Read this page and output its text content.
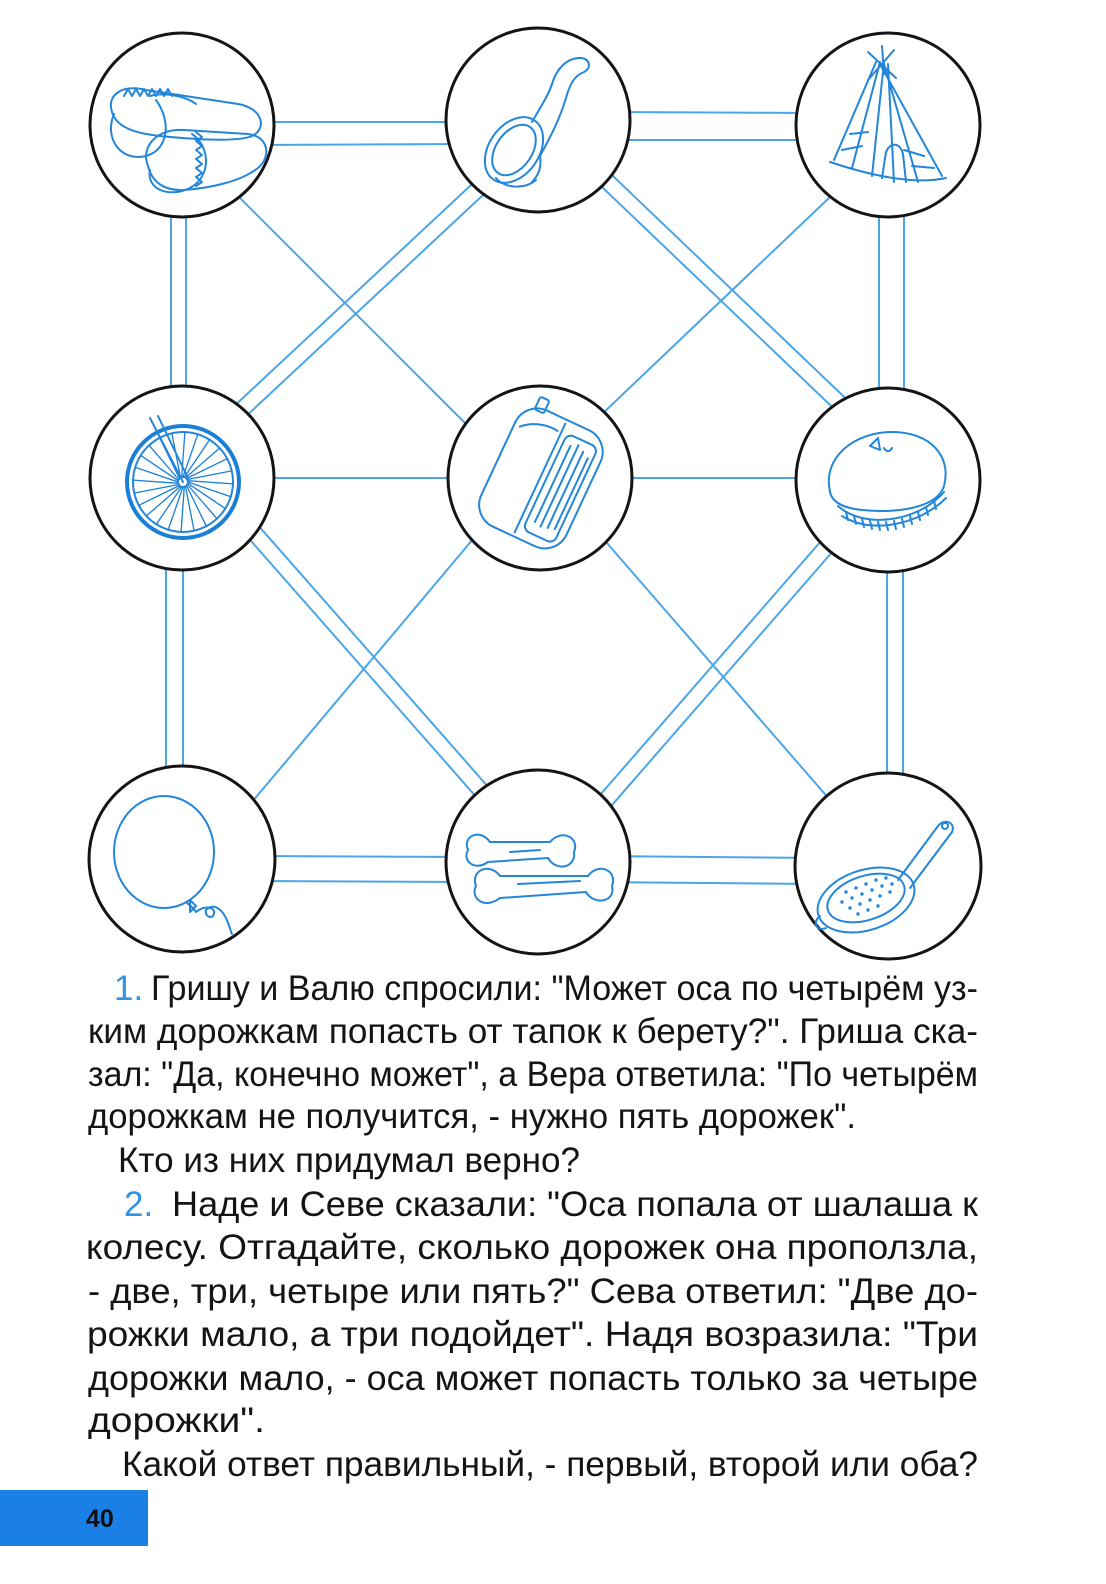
1. Гришу и Валю спросили: "Может оса по четырём уз-
ким дорожкам попасть от тапок к берету?". Гриша ска-
зал: "Да, конечно может", а Вера ответила: "По четырём
дорожкам не получится, - нужно пять дорожек".
Кто из них придумал верно?
2. Наде и Севе сказали: "Оса попала от шалаша к
колесу. Отгадайте, сколько дорожек она проползла,
- две, три, четыре или пять?" Сева ответил: "Две до-
рожки мало, а три подойдет". Надя возразила: "Три
дорожки мало, - оса может попасть только за четыре
дорожки".
Какой ответ правильный, - первый, второй или оба?
40
